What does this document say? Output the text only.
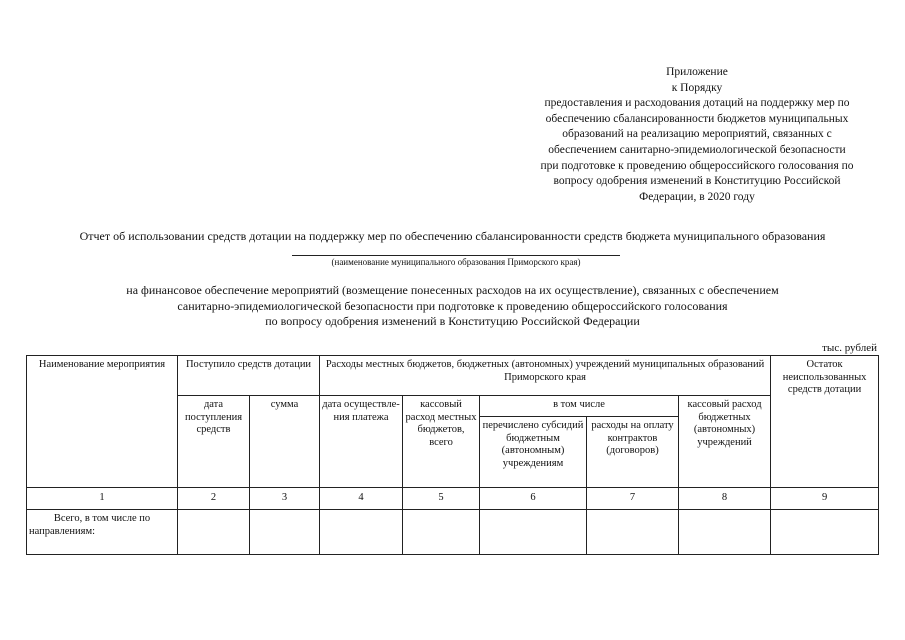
Приложение
к Порядку
предоставления и расходования дотаций на поддержку мер по
обеспечению сбалансированности бюджетов муниципальных
образований на реализацию мероприятий, связанных с
обеспечением санитарно-эпидемиологической безопасности
при подготовке к проведению общероссийского голосования по
вопросу одобрения изменений в Конституцию Российской
Федерации, в 2020 году
Отчет об использовании средств дотации на поддержку мер по обеспечению сбалансированности средств бюджета муниципального образования
(наименование муниципального образования Приморского края)
на финансовое обеспечение мероприятий (возмещение понесенных расходов на их осуществление), связанных с обеспечением
санитарно-эпидемиологической безопасности при подготовке к проведению общероссийского голосования
по вопросу одобрения изменений в Конституцию Российской Федерации
тыс. рублей
Наименование мероприятия	Поступило средств дотации		Расходы местных бюджетов, бюджетных (автономных) учреждений муниципальных образований Приморского края					Остаток неиспользованных средств дотации
	дата поступления средств	сумма	дата осуществле-ния платежа	кассовый расход местных бюджетов, всего	в том числе		кассовый расход бюджетных (автономных) учреждений	
					перечислено субсидий бюджетным (автономным) учреждениям	расходы на оплату контрактов (договоров)		
1	2	3	4	5	6	7	8	9
Всего, в том числе по направлениям:								
